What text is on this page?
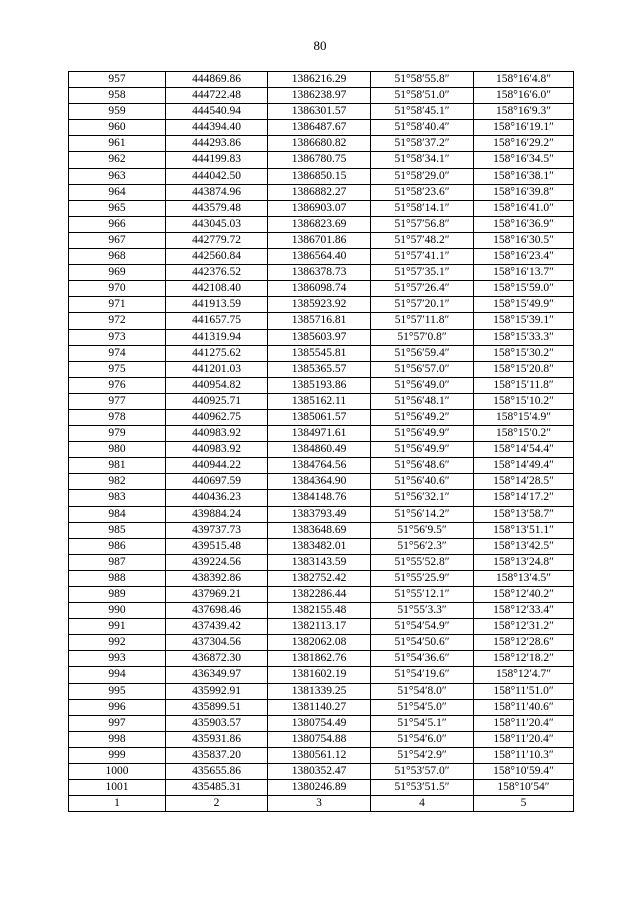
80
957	444869.86	1386216.29	51°58′55.8″	158°16′4.8″
958	444722.48	1386238.97	51°58′51.0″	158°16′6.0″
959	444540.94	1386301.57	51°58′45.1″	158°16′9.3″
960	444394.40	1386487.67	51°58′40.4″	158°16′19.1″
961	444293.86	1386680.82	51°58′37.2″	158°16′29.2″
962	444199.83	1386780.75	51°58′34.1″	158°16′34.5″
963	444042.50	1386850.15	51°58′29.0″	158°16′38.1″
964	443874.96	1386882.27	51°58′23.6″	158°16′39.8″
965	443579.48	1386903.07	51°58′14.1″	158°16′41.0″
966	443045.03	1386823.69	51°57′56.8″	158°16′36.9″
967	442779.72	1386701.86	51°57′48.2″	158°16′30.5″
968	442560.84	1386564.40	51°57′41.1″	158°16′23.4″
969	442376.52	1386378.73	51°57′35.1″	158°16′13.7″
970	442108.40	1386098.74	51°57′26.4″	158°15′59.0″
971	441913.59	1385923.92	51°57′20.1″	158°15′49.9″
972	441657.75	1385716.81	51°57′11.8″	158°15′39.1″
973	441319.94	1385603.97	51°57′0.8″	158°15′33.3″
974	441275.62	1385545.81	51°56′59.4″	158°15′30.2″
975	441201.03	1385365.57	51°56′57.0″	158°15′20.8″
976	440954.82	1385193.86	51°56′49.0″	158°15′11.8″
977	440925.71	1385162.11	51°56′48.1″	158°15′10.2″
978	440962.75	1385061.57	51°56′49.2″	158°15′4.9″
979	440983.92	1384971.61	51°56′49.9″	158°15′0.2″
980	440983.92	1384860.49	51°56′49.9″	158°14′54.4″
981	440944.22	1384764.56	51°56′48.6″	158°14′49.4″
982	440697.59	1384364.90	51°56′40.6″	158°14′28.5″
983	440436.23	1384148.76	51°56′32.1″	158°14′17.2″
984	439884.24	1383793.49	51°56′14.2″	158°13′58.7″
985	439737.73	1383648.69	51°56′9.5″	158°13′51.1″
986	439515.48	1383482.01	51°56′2.3″	158°13′42.5″
987	439224.56	1383143.59	51°55′52.8″	158°13′24.8″
988	438392.86	1382752.42	51°55′25.9″	158°13′4.5″
989	437969.21	1382286.44	51°55′12.1″	158°12′40.2″
990	437698.46	1382155.48	51°55′3.3″	158°12′33.4″
991	437439.42	1382113.17	51°54′54.9″	158°12′31.2″
992	437304.56	1382062.08	51°54′50.6″	158°12′28.6″
993	436872.30	1381862.76	51°54′36.6″	158°12′18.2″
994	436349.97	1381602.19	51°54′19.6″	158°12′4.7″
995	435992.91	1381339.25	51°54′8.0″	158°11′51.0″
996	435899.51	1381140.27	51°54′5.0″	158°11′40.6″
997	435903.57	1380754.49	51°54′5.1″	158°11′20.4″
998	435931.86	1380754.88	51°54′6.0″	158°11′20.4″
999	435837.20	1380561.12	51°54′2.9″	158°11′10.3″
1000	435655.86	1380352.47	51°53′57.0″	158°10′59.4″
1001	435485.31	1380246.89	51°53′51.5″	158°10′54″
1	2	3	4	5
